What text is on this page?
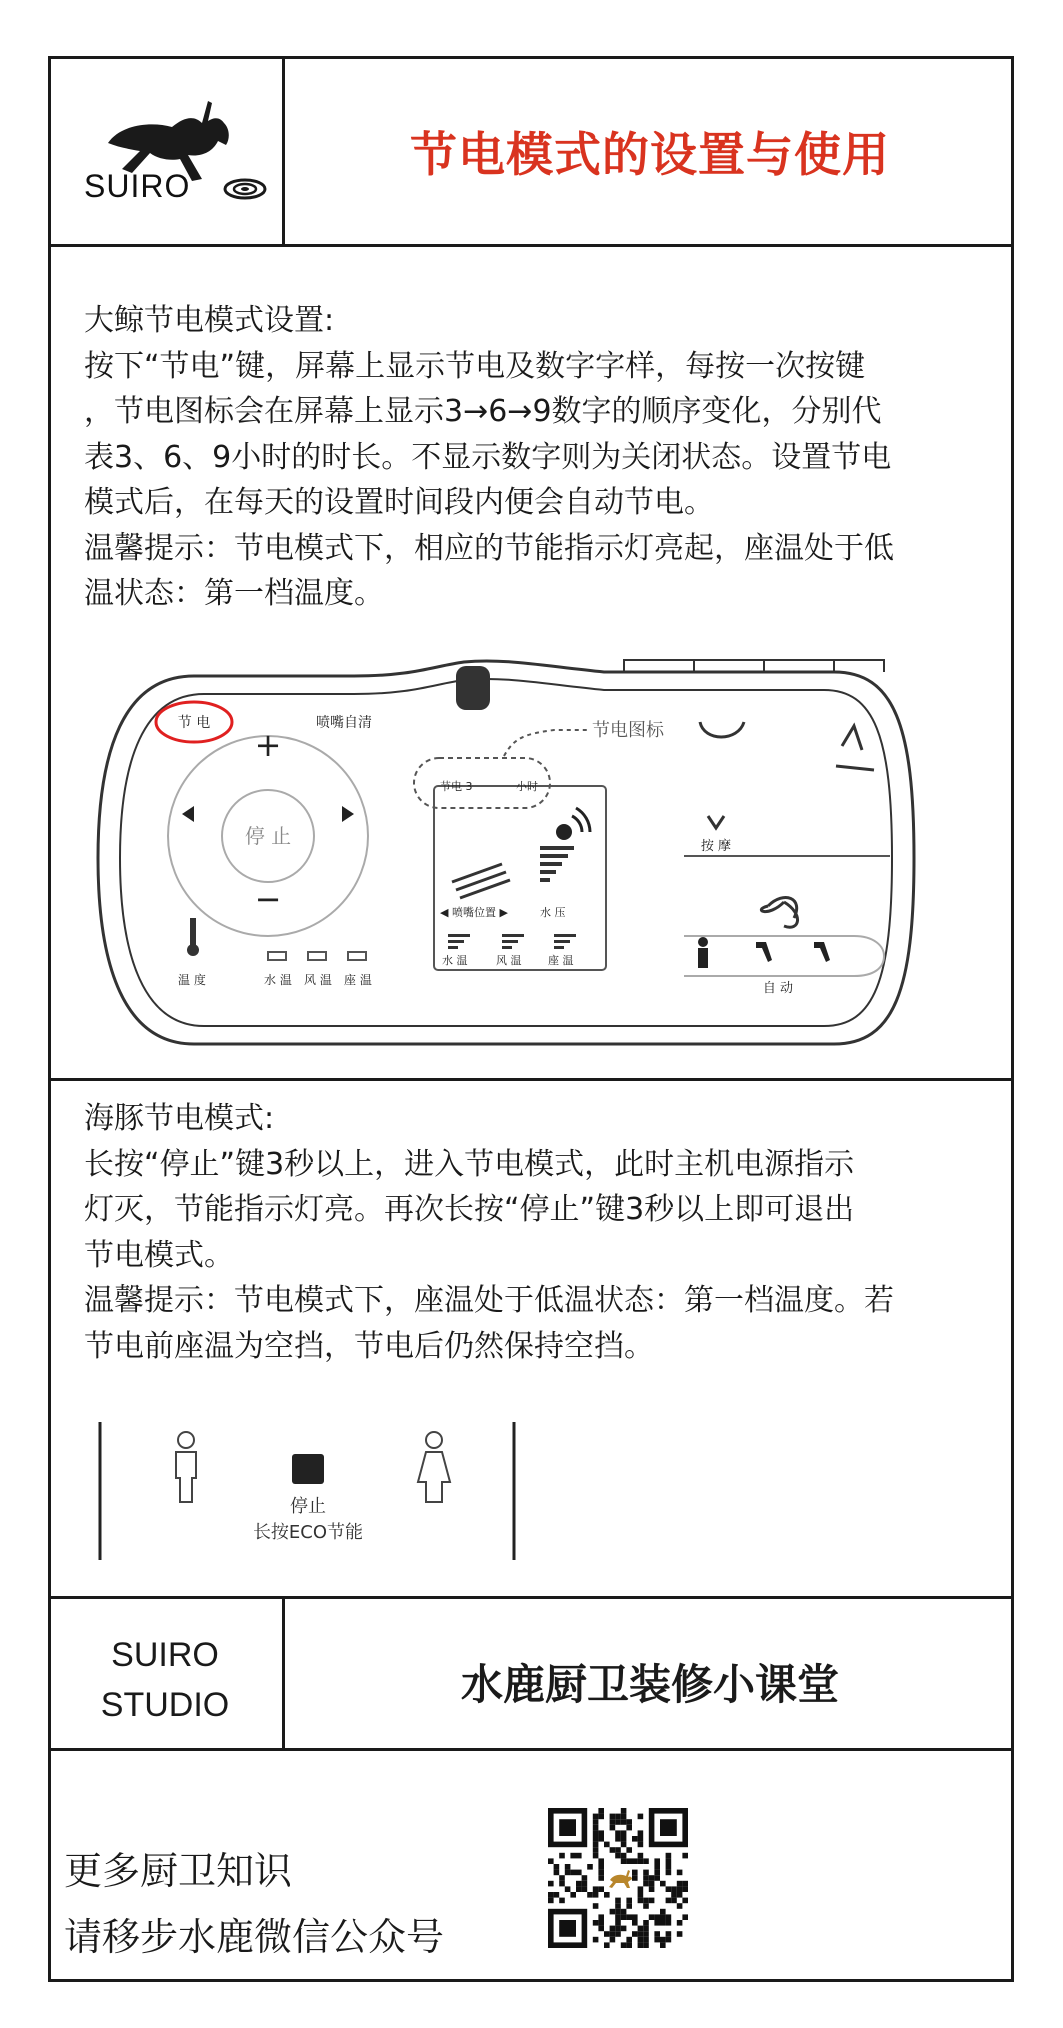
SUIRO
节电模式的设置与使用

大鲸节电模式设置:

按下“节电”键，屏幕上显示节电及数字字样，每按一次按键

，节电图标会在屏幕上显示3→6→9数字的顺序变化，分别代

表3、6、9小时的时长。不显示数字则为关闭状态。设置节电

模式后，在每天的设置时间段内便会自动节电。

温馨提示：节电模式下，相应的节能指示灯亮起，座温处于低

温状态：第一档温度。

节 电	喷嘴自清
+
−
停 止
节电图标
节电 3	小时
◀ 喷嘴位置 ▶	水 压
水 温	风 温 座 温
按 摩
自 动
温 度	水 温 风 温 座 温

海豚节电模式:

长按“停止”键3秒以上，进入节电模式，此时主机电源指示

灯灭，节能指示灯亮。再次长按“停止”键3秒以上即可退出

节电模式。

温馨提示：节电模式下，座温处于低温状态：第一档温度。若

节电前座温为空挡，节电后仍然保持空挡。

停止
长按ECO节能
SUIRO
STUDIO	水鹿厨卫装修小课堂
更多厨卫知识
请移步水鹿微信公众号
